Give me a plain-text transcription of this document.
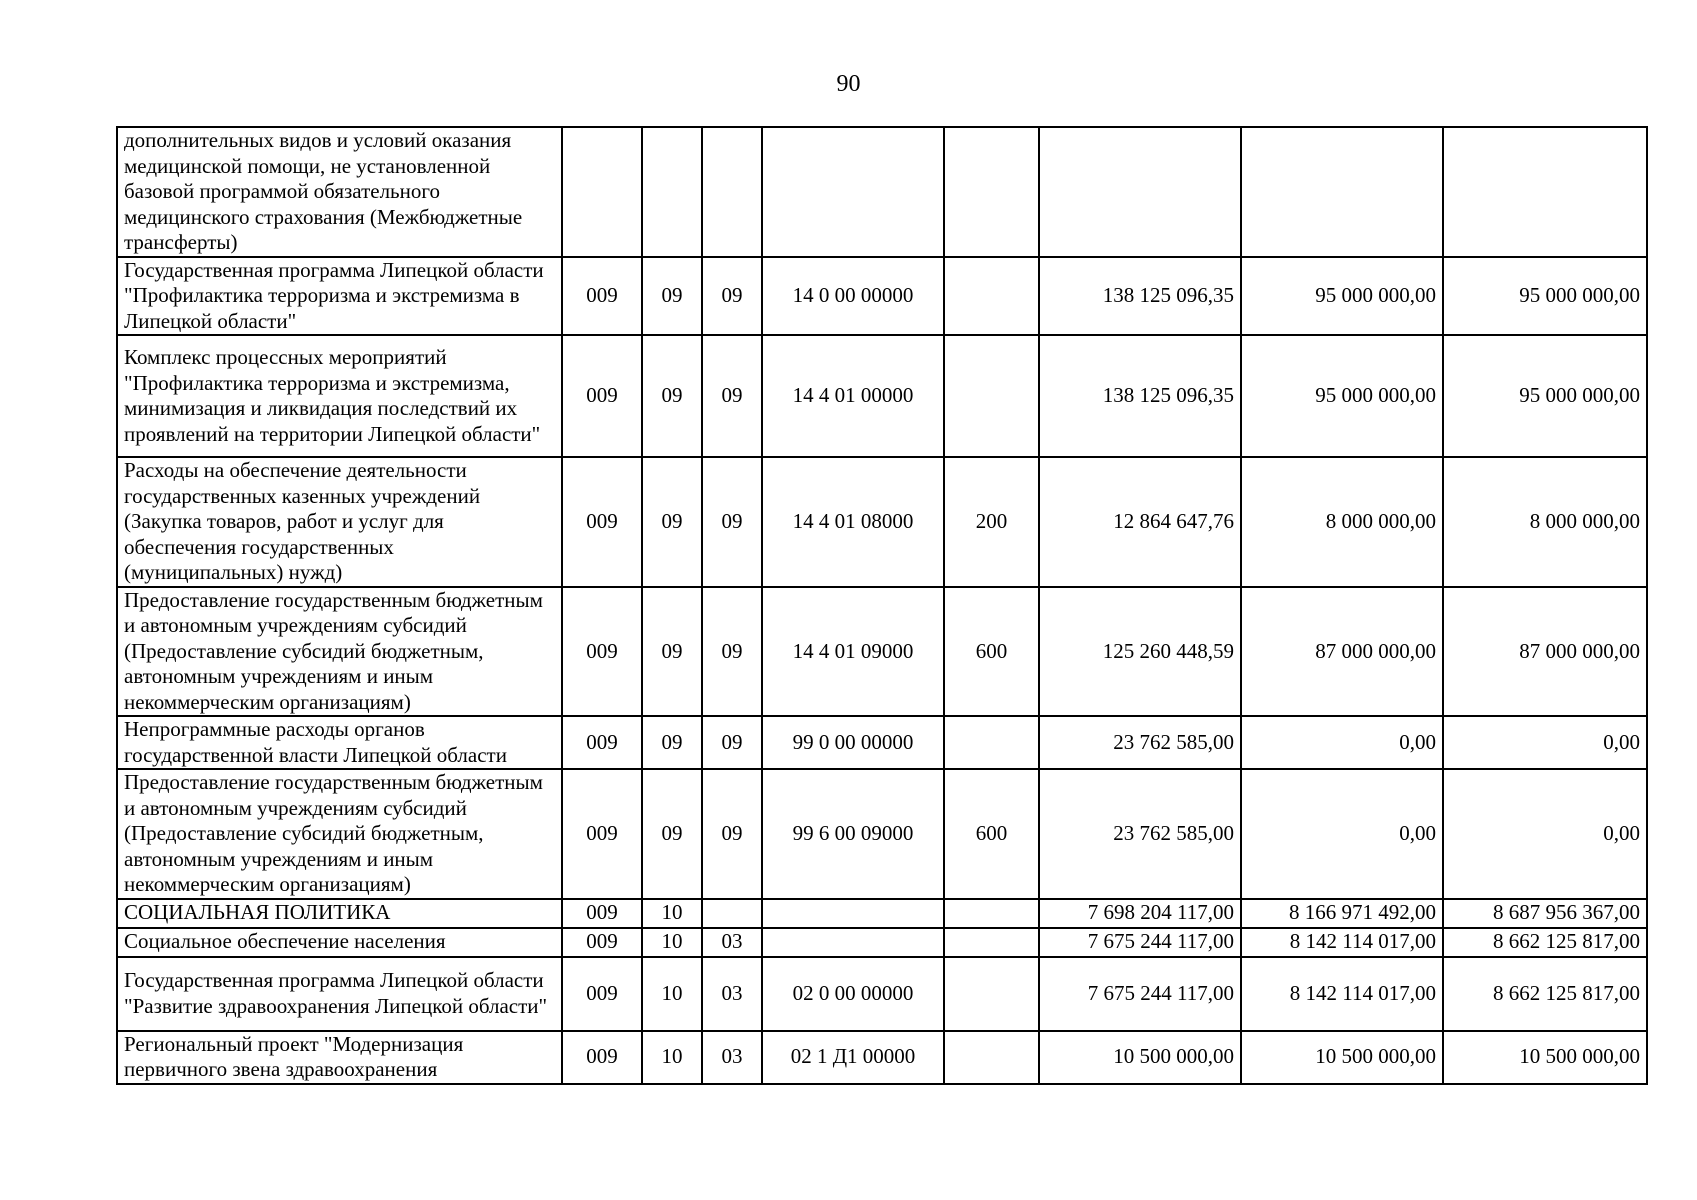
90
дополнительных видов и условий оказания медицинской помощи, не установленной базовой программой обязательного медицинского страхования (Межбюджетные трансферты)								
Государственная программа Липецкой области "Профилактика терроризма и экстремизма в Липецкой области"	009	09	09	14 0 00 00000		138 125 096,35	95 000 000,00	95 000 000,00
Комплекс процессных мероприятий "Профилактика терроризма и экстремизма, минимизация и ликвидация последствий их проявлений на территории Липецкой области"	009	09	09	14 4 01 00000		138 125 096,35	95 000 000,00	95 000 000,00
Расходы на обеспечение деятельности государственных казенных учреждений (Закупка товаров, работ и услуг для обеспечения государственных (муниципальных) нужд)	009	09	09	14 4 01 08000	200	12 864 647,76	8 000 000,00	8 000 000,00
Предоставление государственным бюджетным и автономным учреждениям субсидий (Предоставление субсидий бюджетным, автономным учреждениям и иным некоммерческим организациям)	009	09	09	14 4 01 09000	600	125 260 448,59	87 000 000,00	87 000 000,00
Непрограммные расходы органов государственной власти Липецкой области	009	09	09	99 0 00 00000		23 762 585,00	0,00	0,00
Предоставление государственным бюджетным и автономным учреждениям субсидий (Предоставление субсидий бюджетным, автономным учреждениям и иным некоммерческим организациям)	009	09	09	99 6 00 09000	600	23 762 585,00	0,00	0,00
СОЦИАЛЬНАЯ ПОЛИТИКА	009	10				7 698 204 117,00	8 166 971 492,00	8 687 956 367,00
Социальное обеспечение населения	009	10	03			7 675 244 117,00	8 142 114 017,00	8 662 125 817,00
Государственная программа Липецкой области "Развитие здравоохранения Липецкой области"	009	10	03	02 0 00 00000		7 675 244 117,00	8 142 114 017,00	8 662 125 817,00
Региональный проект "Модернизация первичного звена здравоохранения	009	10	03	02 1 Д1 00000		10 500 000,00	10 500 000,00	10 500 000,00
